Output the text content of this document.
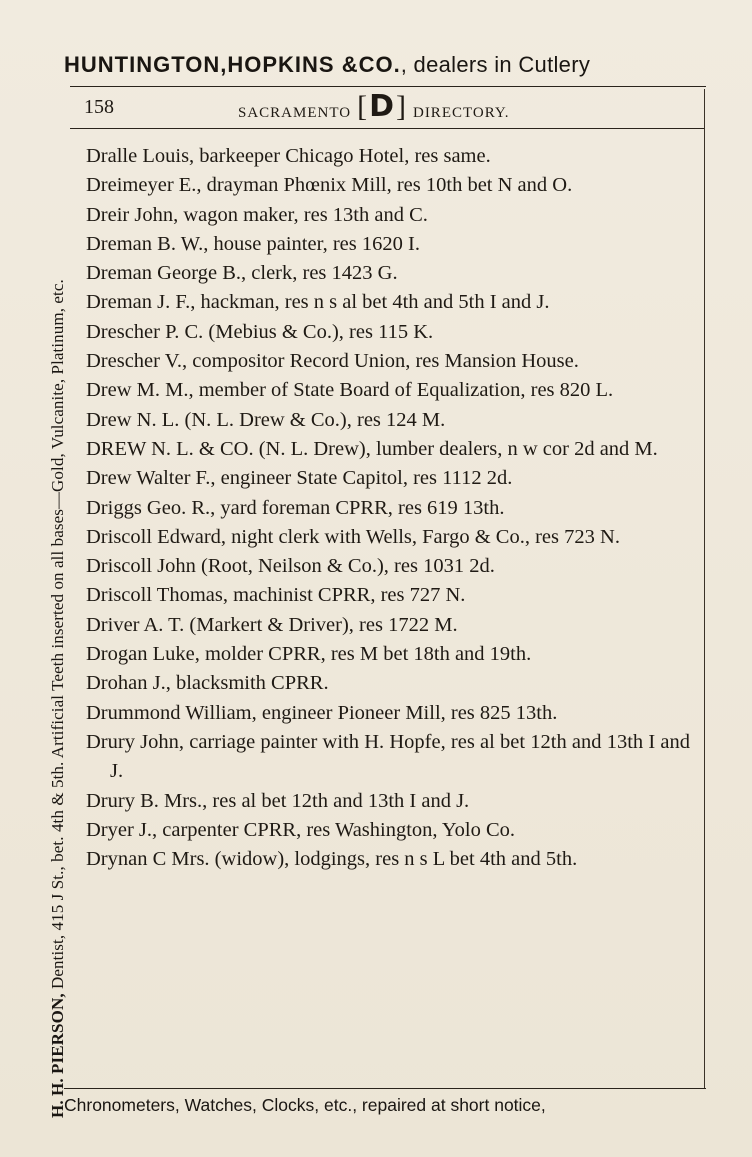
HUNTINGTON,HOPKINS &CO., dealers in Cutlery
158	SACRAMENTO
[ D ]	DIRECTORY.
Dralle Louis, barkeeper Chicago Hotel, res same.
Dreimeyer E., drayman Phœnix Mill, res 10th bet N and O.
Dreir John, wagon maker, res 13th and C.
Dreman B. W., house painter, res 1620 I.
Dreman George B., clerk, res 1423 G.
Dreman J. F., hackman, res n s al bet 4th and 5th I and J.
Drescher P. C. (Mebius & Co.), res 115 K.
Drescher V., compositor Record Union, res Mansion House.
Drew M. M., member of State Board of Equalization, res 820 L.
Drew N. L. (N. L. Drew & Co.), res 124 M.
DREW N. L. & CO. (N. L. Drew), lumber dealers, n w cor 2d and M.
Drew Walter F., engineer State Capitol, res 1112 2d.
Driggs Geo. R., yard foreman CPRR, res 619 13th.
Driscoll Edward, night clerk with Wells, Fargo & Co., res 723 N.
Driscoll John (Root, Neilson & Co.), res 1031 2d.
Driscoll Thomas, machinist CPRR, res 727 N.
Driver A. T. (Markert & Driver), res 1722 M.
Drogan Luke, molder CPRR, res M bet 18th and 19th.
Drohan J., blacksmith CPRR.
Drummond William, engineer Pioneer Mill, res 825 13th.
Drury John, carriage painter with H. Hopfe, res al bet 12th and 13th I and J.
Drury B. Mrs., res al bet 12th and 13th I and J.
Dryer J., carpenter CPRR, res Washington, Yolo Co.
Drynan C Mrs. (widow), lodgings, res n s L bet 4th and 5th.
Chronometers, Watches, Clocks, etc., repaired at short notice,
H. H. PIERSON, Dentist, 415 J St., bet. 4th & 5th. Artificial Teeth inserted on all bases—Gold, Vulcanite, Platinum, etc.
